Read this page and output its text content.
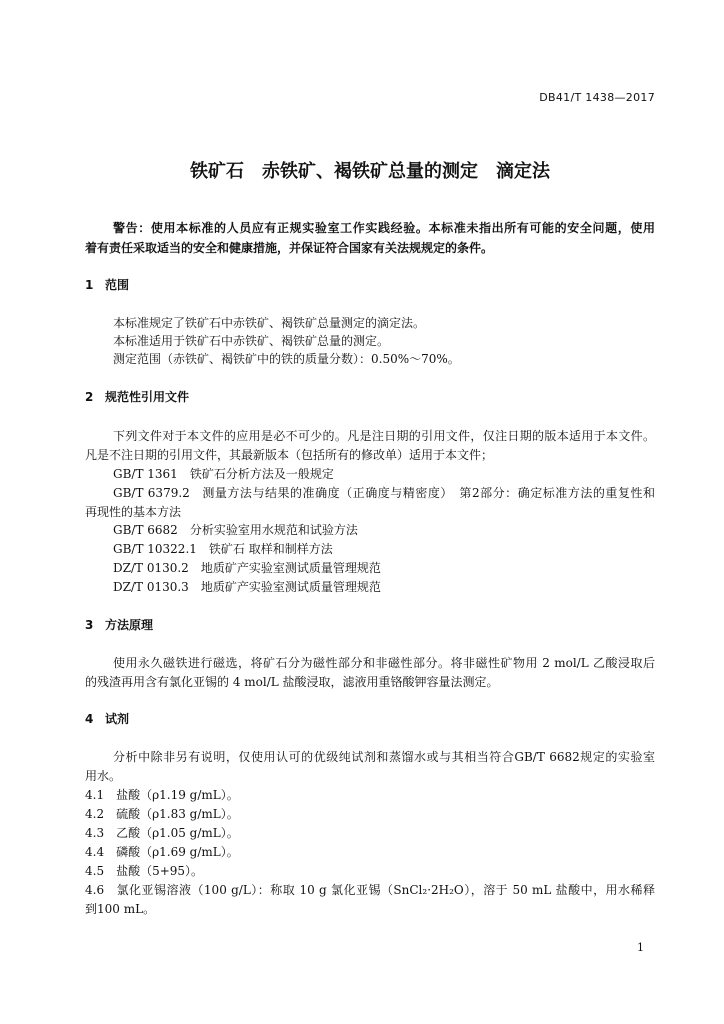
DB41/T 1438—2017
铁矿石　赤铁矿、褐铁矿总量的测定　滴定法
警告：使用本标准的人员应有正规实验室工作实践经验。本标准未指出所有可能的安全问题，使用
着有责任采取适当的安全和健康措施，并保证符合国家有关法规规定的条件。
1 范围
本标准规定了铁矿石中赤铁矿、褐铁矿总量测定的滴定法。
本标准适用于铁矿石中赤铁矿、褐铁矿总量的测定。
测定范围（赤铁矿、褐铁矿中的铁的质量分数）：0.50%～70%。
2 规范性引用文件
下列文件对于本文件的应用是必不可少的。凡是注日期的引用文件，仅注日期的版本适用于本文件。
凡是不注日期的引用文件，其最新版本（包括所有的修改单）适用于本文件；
GB/T 1361 铁矿石分析方法及一般规定
GB/T 6379.2 测量方法与结果的准确度（正确度与精密度）　第2部分：确定标准方法的重复性和
再现性的基本方法
GB/T 6682 分析实验室用水规范和试验方法
GB/T 10322.1 铁矿石 取样和制样方法
DZ/T 0130.2 地质矿产实验室测试质量管理规范
DZ/T 0130.3 地质矿产实验室测试质量管理规范
3 方法原理
使用永久磁铁进行磁选，将矿石分为磁性部分和非磁性部分。将非磁性矿物用 2 mol/L 乙酸浸取后
的残渣再用含有氯化亚锡的 4 mol/L 盐酸浸取，滤液用重铬酸钾容量法测定。
4 试剂
分析中除非另有说明，仅使用认可的优级纯试剂和蒸馏水或与其相当符合GB/T 6682规定的实验室
用水。
4.1 盐酸（ρ1.19 g/mL）。
4.2 硫酸（ρ1.83 g/mL）。
4.3 乙酸（ρ1.05 g/mL）。
4.4 磷酸（ρ1.69 g/mL）。
4.5 盐酸（5+95）。
4.6 氯化亚锡溶液（100 g/L）：称取 10 g 氯化亚锡（SnCl₂·2H₂O），溶于 50 mL 盐酸中，用水稀释
到100 mL。
1
